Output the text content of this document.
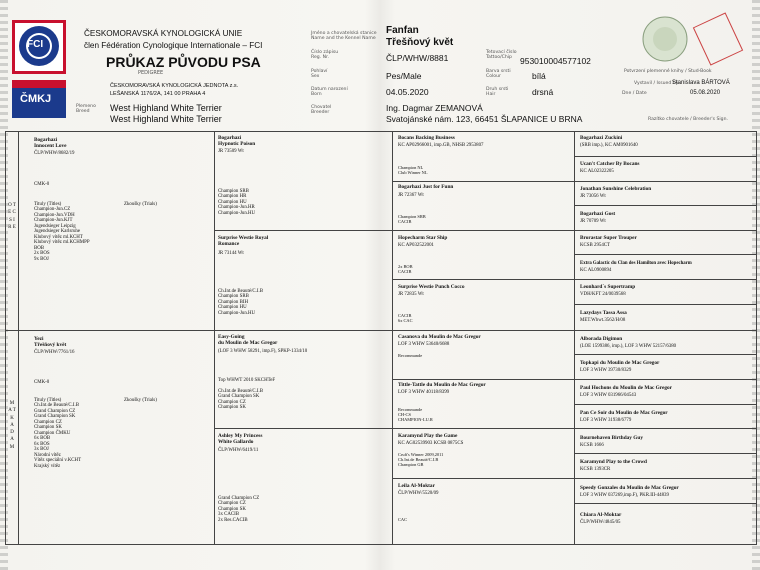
FCI
ČMKJ
ČESKOMORAVSKÁ KYNOLOGICKÁ UNIE
člen Fédération Cynologique Internationale – FCI
PRŮKAZ PŮVODU PSA
PEDIGREE
ČESKOMORAVSKÁ KYNOLOGICKÁ JEDNOTA z.s.
LEŠANSKÁ 1176/2A, 141 00 PRAHA 4
Plemeno
Breed	West Highland White Terrier
West Highland White Terrier
Jméno a chovatelská stanice
Name and the Kennel Name
Číslo zápisu
Reg. Nr.
Pohlaví
Sex
Datum narození
Born
Chovatel
Breeder
Fanfan
Třešňový květ
ČLP/WHW/8881
Pes/Male
04.05.2020
Ing. Dagmar ZEMANOVÁ
Svatojánské nám. 123, 66451 ŠLAPANICE U BRNA
Tetovací číslo
Tattoo/Chip
Barva srsti
Colour
Druh srsti
Hair
953010004577102
bílá
drsná
Potvrzení plemenné knihy / Stud-Book
Vystavil / Issued by
Stanislava BÁRTOVÁ
Dne / Date	05.08.2020
Razítko chovatele / Breeder's Sign.
O T E C S I R E
M A T K A D A M
Bogarhazi
Innocent Love
ČLP/WHW/8682/19
CMK-0
Zkoušky (Trials)
Tituly (Titles)
Champion-Jun.CZ
Champion-Jun.VDH
Champion-Jun.KJT
Jugendsieger Leipzig
Jugendsieger Karlsruhe
Klubový vítěz ml.KCHT
Klubový vítěz ml.KCHMPP
BOB
2x BOS
9x BOJ
Yezi
Třešňový květ
ČLP/WHW/7761/16
CMK-0
Zkoušky (Trials)
Tituly (Titles)
Ch.Int.de Beauté/C.I.B
Grand Champion CZ
Grand Champion SK
Champion CZ
Champion SK
Champion ČMKU
6x BOB
6x BOS
3x BOJ
Národní vítěz
Vítěz speciální v.KCHT
Krajský vítěz
Bogarhazi
Hypnotic Poison
JR 73509 Wt
Champion SRB
Champion HR
Champion HU
Champion-Jun.HR
Champion-Jun.HU
Surprise Westie Royal
Romance
JR 73144 Wt
Ch.Int.de Beauté/C.I.B
Champion SRB
Champion BIH
Champion HU
Champion-Jun.HU
Easy-Going
du Moulin de Mac Gregor
(LOF 3 WHW 58291, imp.F), SPKP-1334/10
Top WHWT 2010 SKCHTeF

Ch.Int.de Beauté/C.I.B
Grand Champion SK
Champion CZ
Champion SK
Ashley My Princess
White Gallardo
ČLP/WHW/6419/11
Grand Champion CZ
Champion CZ
Champion SK
3x CACIB
2x Res.CACIB
Bocans Backing Business
KC AP02966001, imp.GB, NHSB 2953807
Champion NL
Club Winner NL
Bogarhazi Just for Funn
JR 72367 Wt
Champion SRB
CACIB
Hopecharm Star Ship
KC AP032522001
2x BOB
CACIB
Surprise Westie Punch Cocco
JR 72835 Wt
CACIB
6x CAC
Casanova du Moulin de Mac Gregor
LOF 3 WHW 53640/6688
Recommande
Tittle-Tattle du Moulin de Mac Gregor
LOF 3 WHW 40118/8399
Recommande
CH-CS
CHAMPION-LU.R
Karamynd Play the Game
KC AG02539903 KCSB 0875CS
Cruft's Winner 2009,2011
Ch.Int.de Beauté/C.I.B
Champion GB
Leila Al-Moktar
ČLP/WHW/5520/09
CAC
Bogarhazi Zuckini
(SRB imp.), KC AM0901640
Ucan't Catcher By Bocans
KC AL02322205
Jonathan Sunshine Celebration
JR 73056 Wt
Bogarhazi Gost
JR 70709 Wt
Brorastar Super Trouper
KCSB 2954CT
Extra Galactic du Clan des Hamilton avec Hopecharm
KC AL0900894
Leonhard´s Supertramp
VDH/KFT 24/0039568
Lazydays Tassa Assa
MET.Whwt.3562/H/08
Alborada Digimon
(LOE 1599386, imp.), LOF 3 WHW 52157/6380
Topkapi du Moulin de Mac Gregor
LOF 3 WHW 39730/8329
Paul Hochons du Moulin de Mac Gregor
LOF 3 WHW 031966/04543
Pan Ce Soir du Moulin de Mac Gregor
LOF 3 WHW 31938/6779
Bournehaven Birthday Guy
KCSB 1666
Karamynd Play to the Crowd
KCSB 1393CR
Speedy Gonzales du Moulin de Mac Gregor
LOF 3 WHW 037269,imp.F), PKR.III-44839
Chiara Al-Moktar
ČLP/WHW/4845/05
